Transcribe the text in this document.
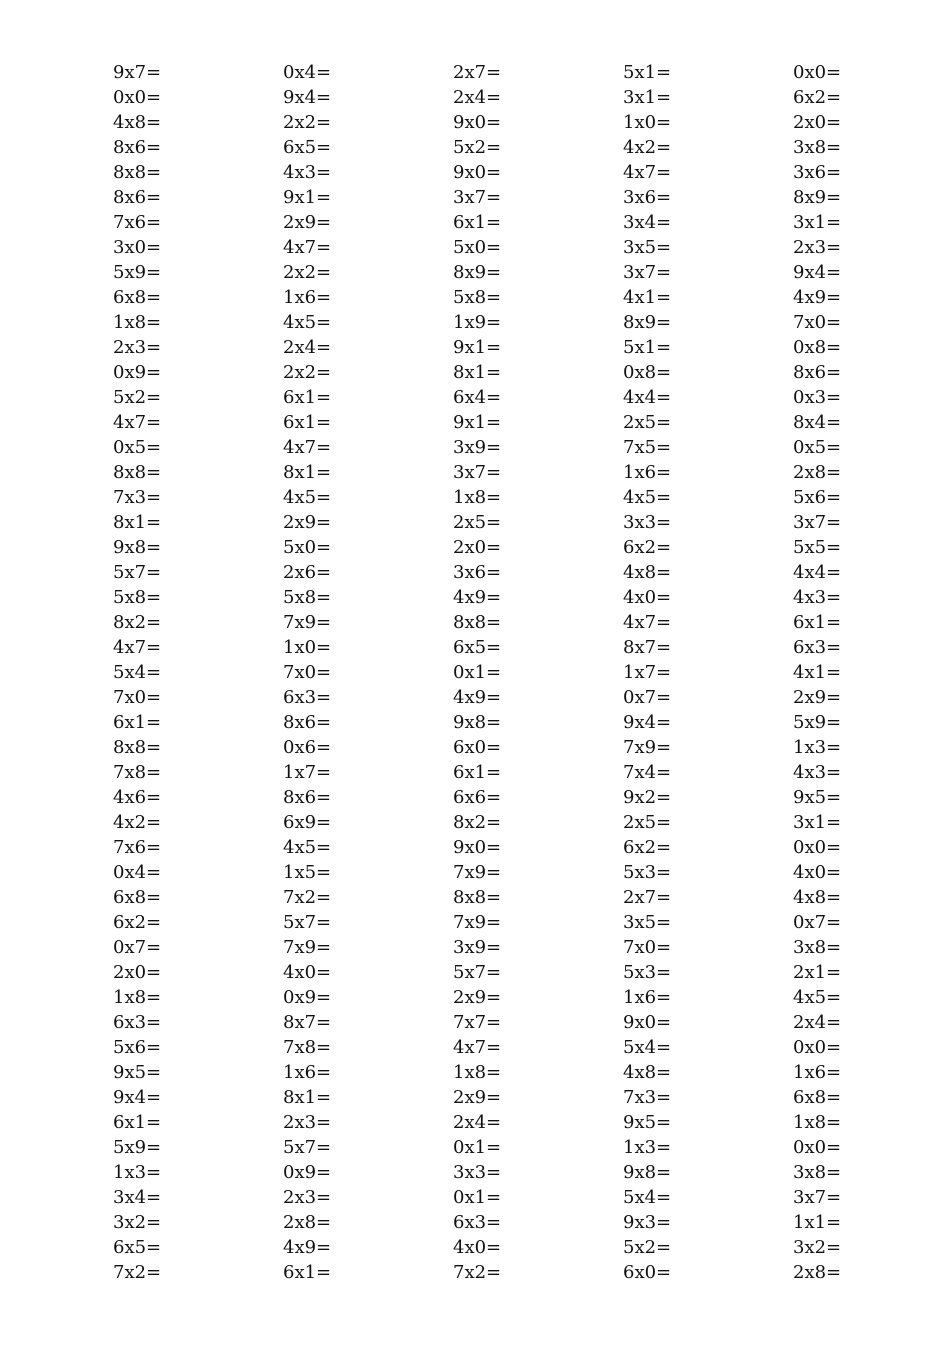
9x7=	0x4=	2x7=	5x1=	0x0=
0x0=	9x4=	2x4=	3x1=	6x2=
4x8=	2x2=	9x0=	1x0=	2x0=
8x6=	6x5=	5x2=	4x2=	3x8=
8x8=	4x3=	9x0=	4x7=	3x6=
8x6=	9x1=	3x7=	3x6=	8x9=
7x6=	2x9=	6x1=	3x4=	3x1=
3x0=	4x7=	5x0=	3x5=	2x3=
5x9=	2x2=	8x9=	3x7=	9x4=
6x8=	1x6=	5x8=	4x1=	4x9=
1x8=	4x5=	1x9=	8x9=	7x0=
2x3=	2x4=	9x1=	5x1=	0x8=
0x9=	2x2=	8x1=	0x8=	8x6=
5x2=	6x1=	6x4=	4x4=	0x3=
4x7=	6x1=	9x1=	2x5=	8x4=
0x5=	4x7=	3x9=	7x5=	0x5=
8x8=	8x1=	3x7=	1x6=	2x8=
7x3=	4x5=	1x8=	4x5=	5x6=
8x1=	2x9=	2x5=	3x3=	3x7=
9x8=	5x0=	2x0=	6x2=	5x5=
5x7=	2x6=	3x6=	4x8=	4x4=
5x8=	5x8=	4x9=	4x0=	4x3=
8x2=	7x9=	8x8=	4x7=	6x1=
4x7=	1x0=	6x5=	8x7=	6x3=
5x4=	7x0=	0x1=	1x7=	4x1=
7x0=	6x3=	4x9=	0x7=	2x9=
6x1=	8x6=	9x8=	9x4=	5x9=
8x8=	0x6=	6x0=	7x9=	1x3=
7x8=	1x7=	6x1=	7x4=	4x3=
4x6=	8x6=	6x6=	9x2=	9x5=
4x2=	6x9=	8x2=	2x5=	3x1=
7x6=	4x5=	9x0=	6x2=	0x0=
0x4=	1x5=	7x9=	5x3=	4x0=
6x8=	7x2=	8x8=	2x7=	4x8=
6x2=	5x7=	7x9=	3x5=	0x7=
0x7=	7x9=	3x9=	7x0=	3x8=
2x0=	4x0=	5x7=	5x3=	2x1=
1x8=	0x9=	2x9=	1x6=	4x5=
6x3=	8x7=	7x7=	9x0=	2x4=
5x6=	7x8=	4x7=	5x4=	0x0=
9x5=	1x6=	1x8=	4x8=	1x6=
9x4=	8x1=	2x9=	7x3=	6x8=
6x1=	2x3=	2x4=	9x5=	1x8=
5x9=	5x7=	0x1=	1x3=	0x0=
1x3=	0x9=	3x3=	9x8=	3x8=
3x4=	2x3=	0x1=	5x4=	3x7=
3x2=	2x8=	6x3=	9x3=	1x1=
6x5=	4x9=	4x0=	5x2=	3x2=
7x2=	6x1=	7x2=	6x0=	2x8=
